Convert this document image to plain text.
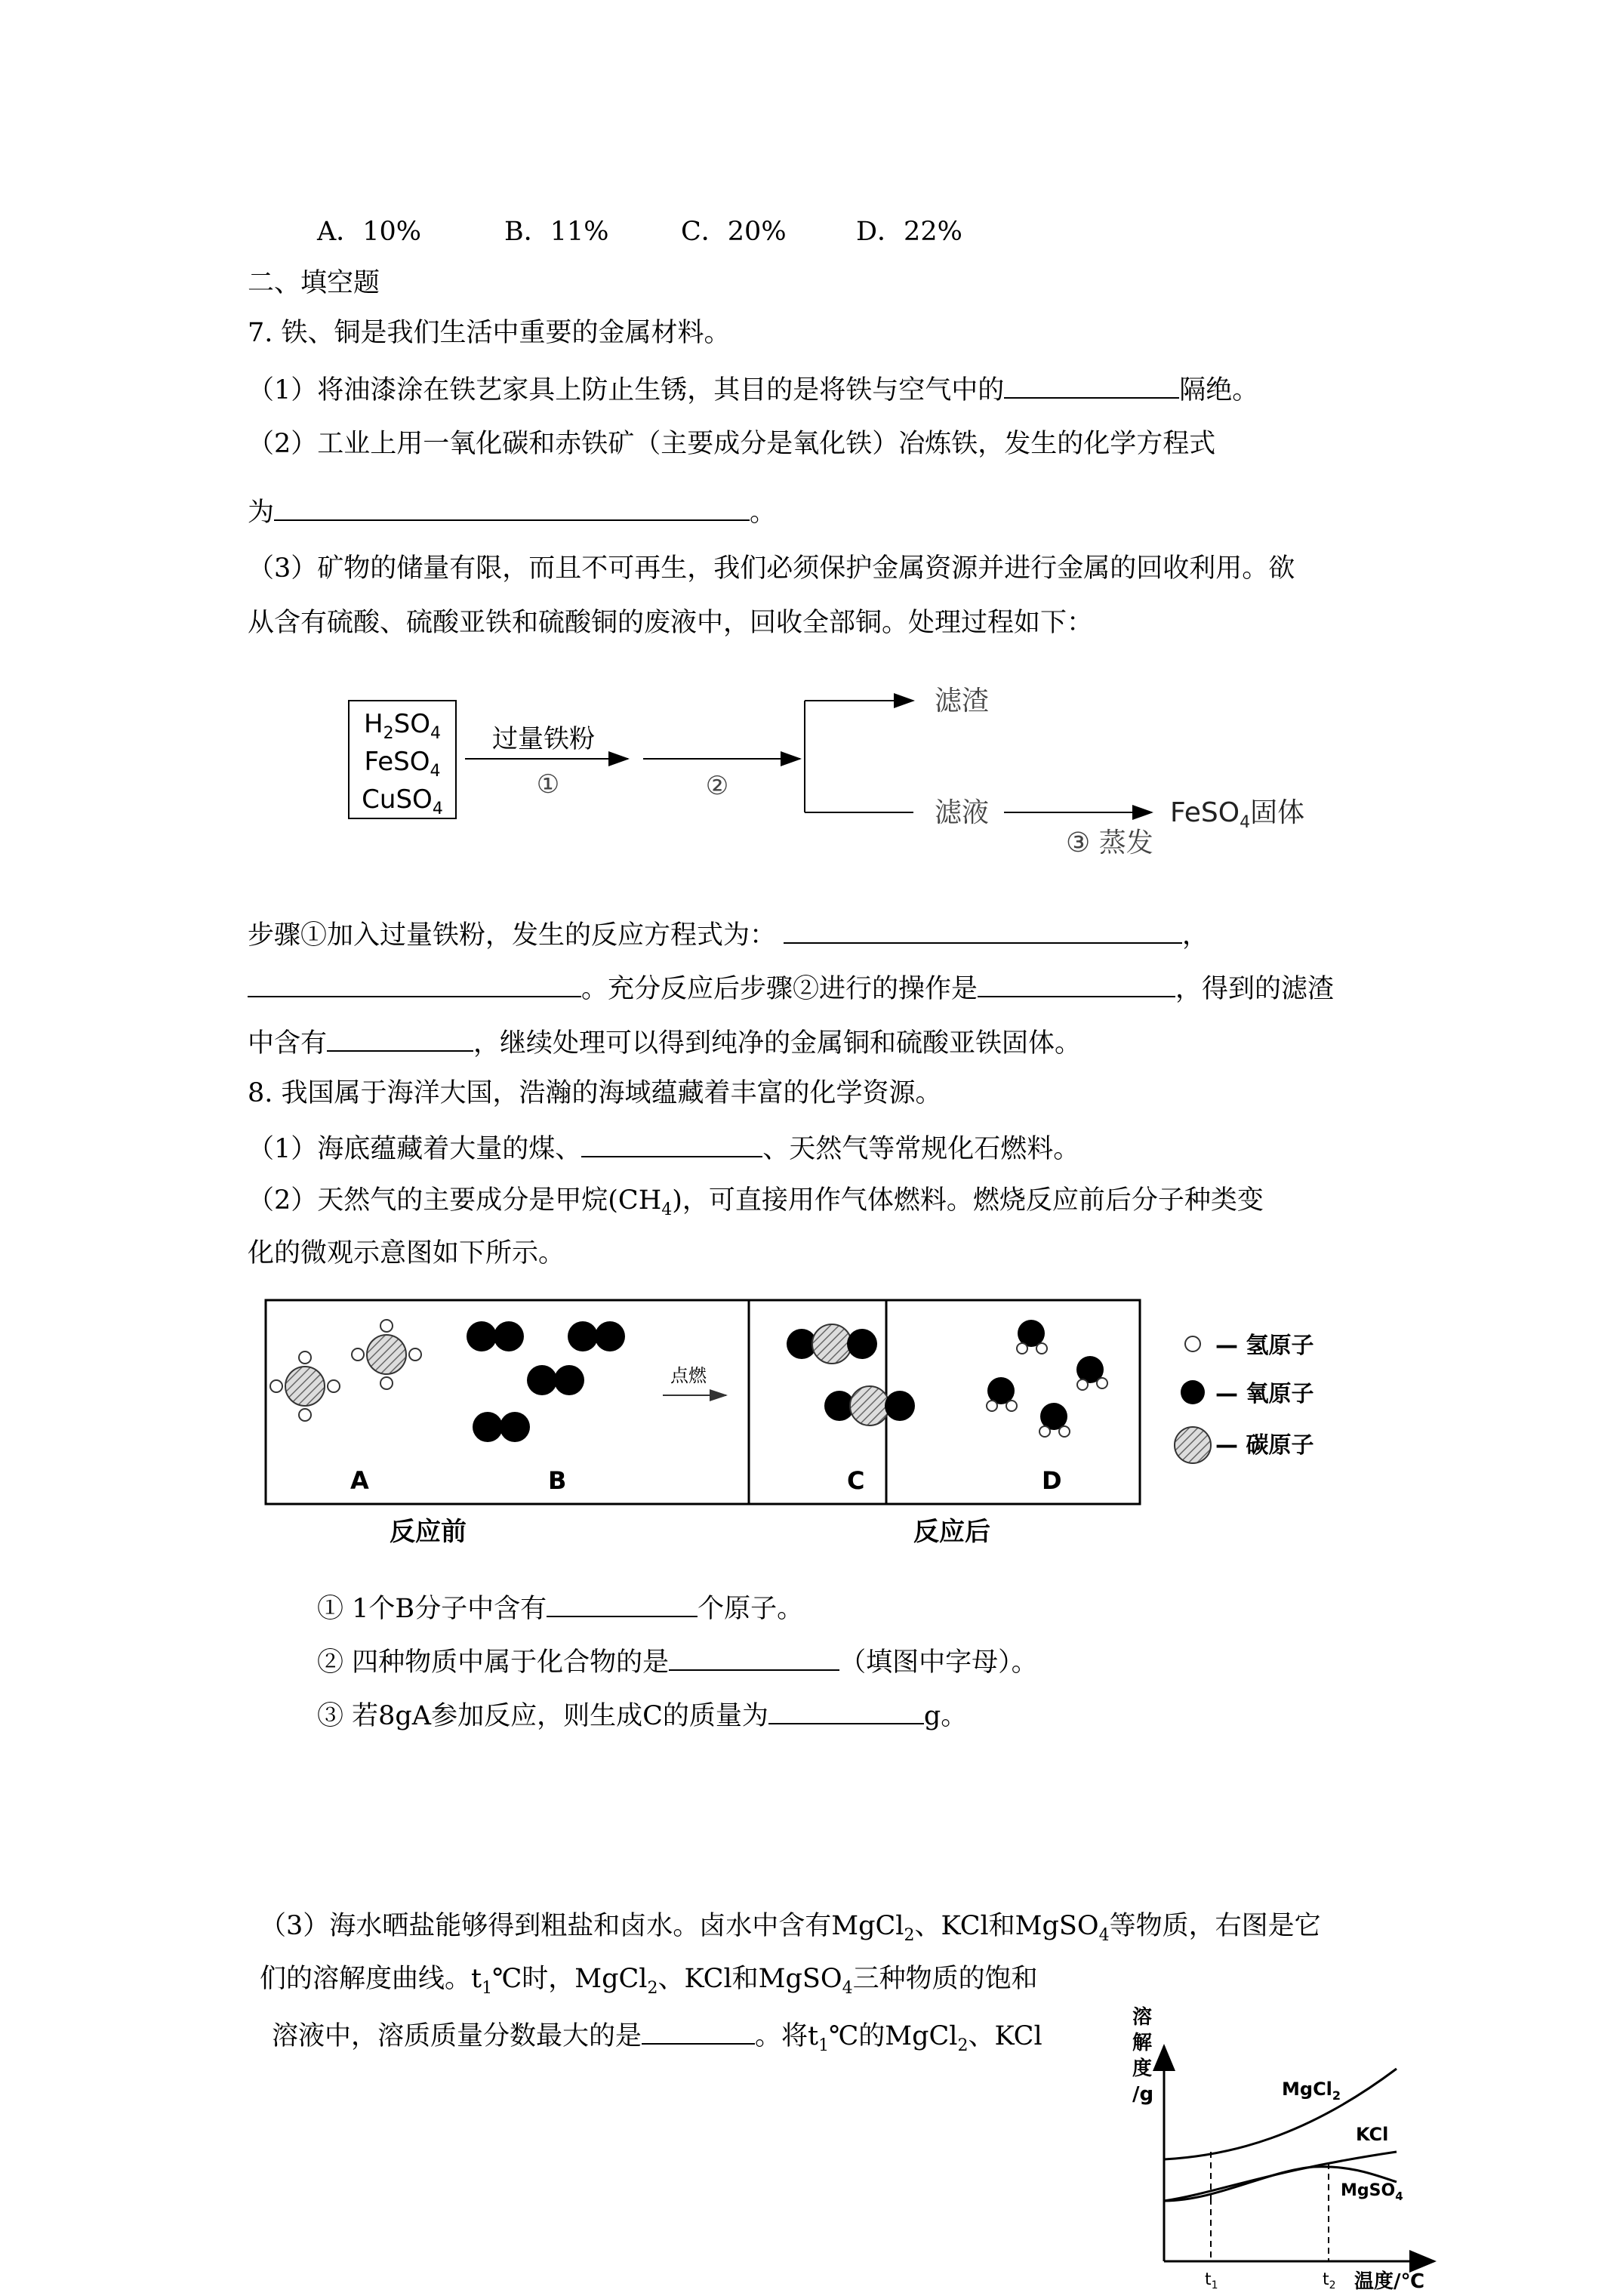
A．10%	B．11%	C．20%	D．22%
二、填空题
7. 铁、铜是我们生活中重要的金属材料。
（1）将油漆涂在铁艺家具上防止生锈，其目的是将铁与空气中的	隔绝。
（2）工业上用一氧化碳和赤铁矿（主要成分是氧化铁）冶炼铁，发生的化学方程式
为	。
（3）矿物的储量有限，而且不可再生，我们必须保护金属资源并进行金属的回收利用。欲
从含有硫酸、硫酸亚铁和硫酸铜的废液中，回收全部铜。处理过程如下：
$H_2SO_4$
FeSO$_4$
CuSO$_4$
过量铁粉
①	②
滤渣
滤液
③ 蒸发
FeSO$_4$固体
步骤①加入过量铁粉，发生的反应方程式为：	，
。充分反应后步骤②进行的操作是	，得到的滤渣
中含有	，继续处理可以得到纯净的金属铜和硫酸亚铁固体。
8. 我国属于海洋大国，浩瀚的海域蕴藏着丰富的化学资源。
（1）海底蕴藏着大量的煤、	、天然气等常规化石燃料。
（2）天然气的主要成分是甲烷$(CH_4)$，可直接用作气体燃料。燃烧反应前后分子种类变
化的微观示意图如下所示。
A	B
反应前
点燃
C	D
反应后
— 氢原子
— 氧原子
— 碳原子
① 1个B分子中含有	个原子。
② 四种物质中属于化合物的是	（填图中字母）。
③ 若8gA参加反应，则生成C的质量为	g。
（3）海水晒盐能够得到粗盐和卤水。卤水中含有MgCl$_2$、KCl和MgSO$_4$等物质，右图是它
们的溶解度曲线。$t_1℃$时，MgCl$_2$、KCl和MgSO$_4$三种物质的饱和
溶液中，溶质质量分数最大的是	。将$t_1℃$的MgCl$_2$、KCl
溶解度/g	MgCl$_2$
KCl
MgSO$_4$
$t_1$	$t_2$ 温度/℃
